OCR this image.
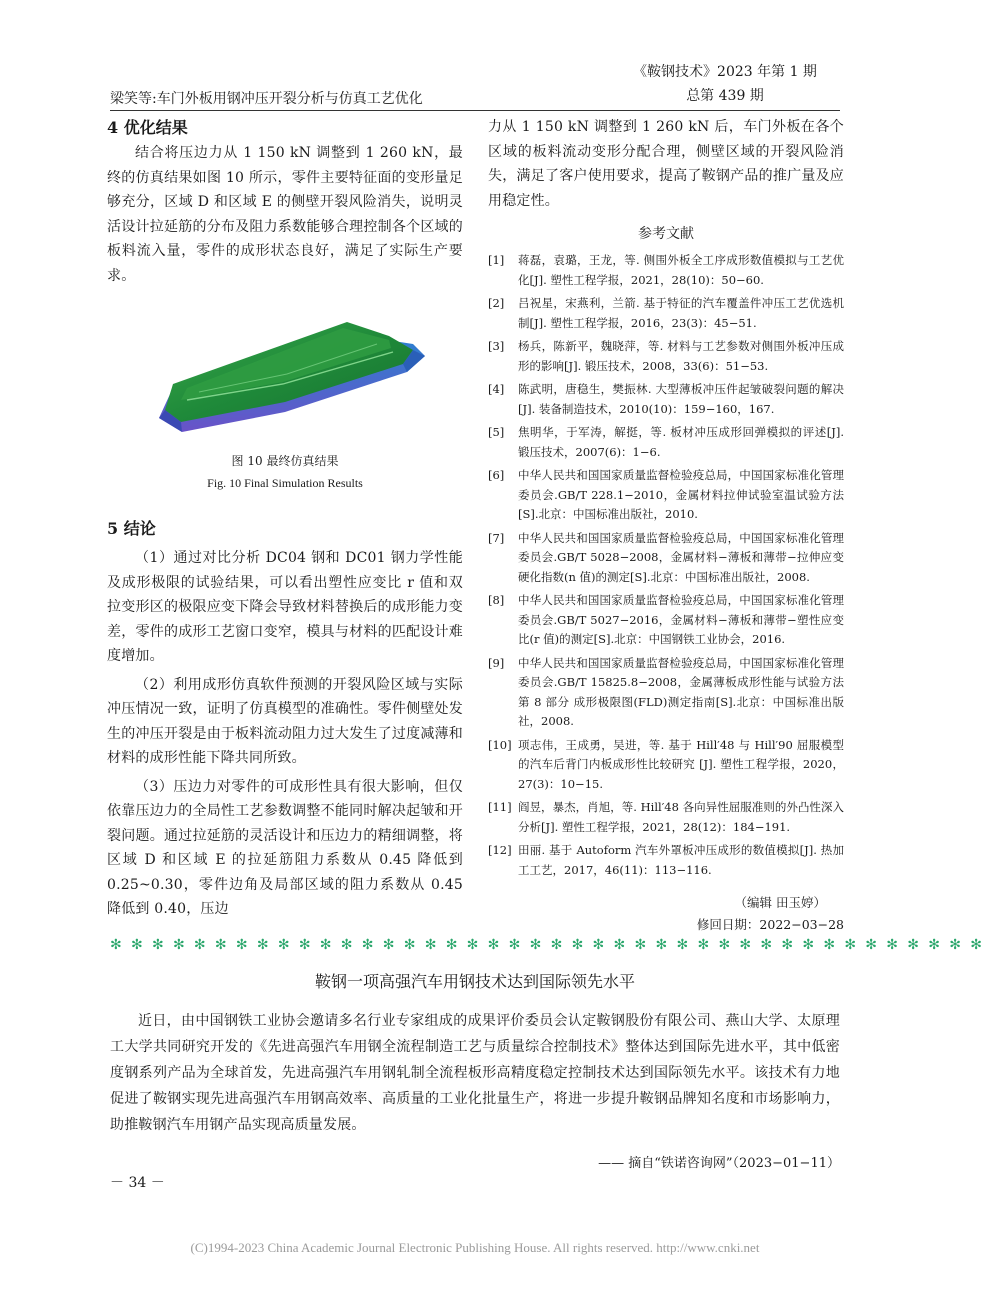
《鞍钢技术》2023 年第 1 期
总第 439 期
梁笑等:车门外板用钢冲压开裂分析与仿真工艺优化
4 优化结果

结合将压边力从 1 150 kN 调整到 1 260 kN，最终的仿真结果如图 10 所示，零件主要特征面的变形量足够充分，区域 D 和区域 E 的侧壁开裂风险消失，说明灵活设计拉延筋的分布及阻力系数能够合理控制各个区域的板料流入量，零件的成形状态良好，满足了实际生产要求。

图 10 最终仿真结果
Fig. 10 Final Simulation Results
5 结论

（1）通过对比分析 DC04 钢和 DC01 钢力学性能及成形极限的试验结果，可以看出塑性应变比 r 值和双拉变形区的极限应变下降会导致材料替换后的成形能力变差，零件的成形工艺窗口变窄，模具与材料的匹配设计难度增加。

（2）利用成形仿真软件预测的开裂风险区域与实际冲压情况一致，证明了仿真模型的准确性。零件侧壁处发生的冲压开裂是由于板料流动阻力过大发生了过度减薄和材料的成形性能下降共同所致。

（3）压边力对零件的可成形性具有很大影响，但仅依靠压边力的全局性工艺参数调整不能同时解决起皱和开裂问题。通过拉延筋的灵活设计和压边力的精细调整，将区域 D 和区域 E 的拉延筋阻力系数从 0.45 降低到 0.25~0.30，零件边角及局部区域的阻力系数从 0.45 降低到 0.40，压边

力从 1 150 kN 调整到 1 260 kN 后，车门外板在各个区域的板料流动变形分配合理，侧壁区域的开裂风险消失，满足了客户使用要求，提高了鞍钢产品的推广量及应用稳定性。

参考文献
[1] 蒋磊，袁璐，王龙，等. 侧围外板全工序成形数值模拟与工艺优化[J]. 塑性工程学报，2021，28(10)：50−60.
[2] 吕祝星，宋燕利，兰箭. 基于特征的汽车覆盖件冲压工艺优选机制[J]. 塑性工程学报，2016，23(3)：45−51.
[3] 杨兵，陈新平，魏晓萍，等. 材料与工艺参数对侧围外板冲压成形的影响[J]. 锻压技术，2008，33(6)：51−53.
[4] 陈武明，唐稳生，樊振林. 大型薄板冲压件起皱破裂问题的解决[J]. 装备制造技术，2010(10)：159−160，167.
[5] 焦明华，于军涛，解挺，等. 板材冲压成形回弹模拟的评述[J]. 锻压技术，2007(6)：1−6.
[6] 中华人民共和国国家质量监督检验疫总局，中国国家标准化管理委员会.GB/T 228.1−2010，金属材料拉伸试验室温试验方法[S].北京：中国标准出版社，2010.
[7] 中华人民共和国国家质量监督检验疫总局，中国国家标准化管理委员会.GB/T 5028−2008，金属材料−薄板和薄带−拉伸应变硬化指数(n 值)的测定[S].北京：中国标准出版社，2008.
[8] 中华人民共和国国家质量监督检验疫总局，中国国家标准化管理委员会.GB/T 5027−2016，金属材料−薄板和薄带−塑性应变比(r 值)的测定[S].北京：中国钢铁工业协会，2016.
[9] 中华人民共和国国家质量监督检验疫总局，中国国家标准化管理委员会.GB/T 15825.8−2008，金属薄板成形性能与试验方法 第 8 部分 成形极限图(FLD)测定指南[S].北京：中国标准出版社，2008.
[10] 项志伟，王成勇，吴进，等. 基于 Hill′48 与 Hill′90 屈服模型的汽车后背门内板成形性比较研究 [J]. 塑性工程学报，2020，27(3)：10−15.
[11] 阎昱，暴杰，肖旭，等. Hill′48 各向异性屈服准则的外凸性深入分析[J]. 塑性工程学报，2021，28(12)：184−191.
[12] 田丽. 基于 Autoform 汽车外罩板冲压成形的数值模拟[J]. 热加工工艺，2017，46(11)：113−116.
（编辑 田玉婷）
修回日期：2022−03−28
✻ ✻ ✻ ✻ ✻ ✻ ✻ ✻ ✻ ✻ ✻ ✻ ✻ ✻ ✻ ✻ ✻ ✻ ✻ ✻ ✻ ✻ ✻ ✻ ✻ ✻ ✻ ✻ ✻ ✻ ✻ ✻ ✻ ✻ ✻ ✻ ✻ ✻ ✻ ✻ ✻ ✻
鞍钢一项高强汽车用钢技术达到国际领先水平

近日，由中国钢铁工业协会邀请多名行业专家组成的成果评价委员会认定鞍钢股份有限公司、燕山大学、太原理工大学共同研究开发的《先进高强汽车用钢全流程制造工艺与质量综合控制技术》整体达到国际先进水平，其中低密度钢系列产品为全球首发，先进高强汽车用钢轧制全流程板形高精度稳定控制技术达到国际领先水平。该技术有力地促进了鞍钢实现先进高强汽车用钢高效率、高质量的工业化批量生产，将进一步提升鞍钢品牌知名度和市场影响力，助推鞍钢汽车用钢产品实现高质量发展。

—— 摘自“铁诺咨询网”（2023−01−11）
－ 34 －
(C)1994-2023 China Academic Journal Electronic Publishing House. All rights reserved. http://www.cnki.net
